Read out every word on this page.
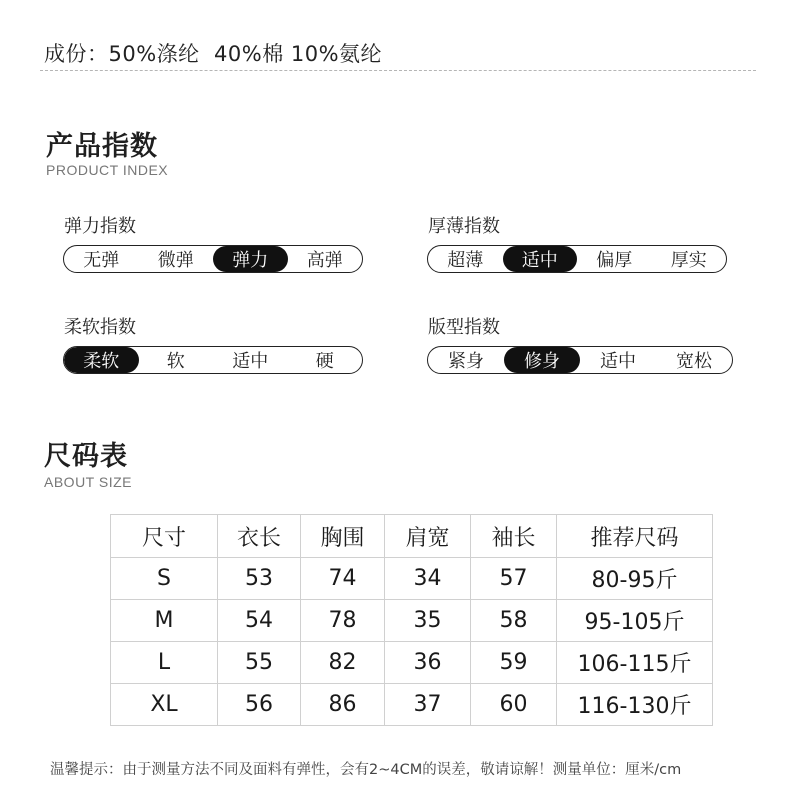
成份：50%涤纶  40%棉 10%氨纶
产品指数
PRODUCT INDEX
弹力指数
无弹	微弹	弹力	高弹
厚薄指数
超薄	适中	偏厚	厚实
柔软指数
柔软	软	适中	硬
版型指数
紧身	修身	适中	宽松
尺码表
ABOUT SIZE
尺寸	衣长	胸围	肩宽	袖长	推荐尺码
S	53	74	34	57	80-95斤
M	54	78	35	58	95-105斤
L	55	82	36	59	106-115斤
XL	56	86	37	60	116-130斤
温馨提示：由于测量方法不同及面料有弹性，会有2~4CM的误差，敬请谅解！测量单位：厘米/cm
